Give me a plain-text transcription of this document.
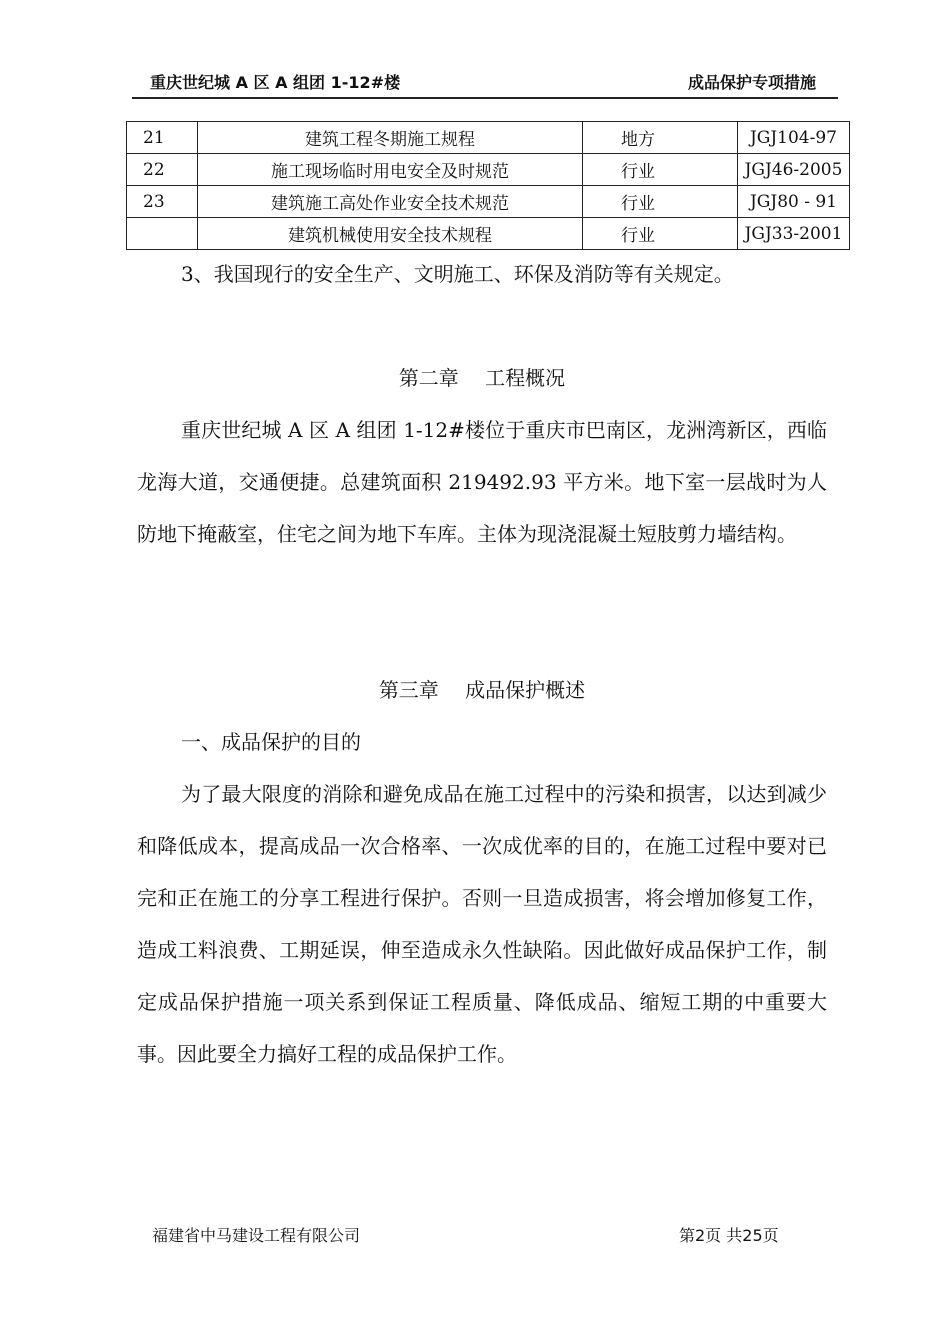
重庆世纪城 A 区 A 组团 1-12#楼	成品保护专项措施
21	建筑工程冬期施工规程	地方	JGJ104-97
22	施工现场临时用电安全及时规范	行业	JGJ46-2005
23	建筑施工高处作业安全技术规范	行业	JGJ80 - 91
	建筑机械使用安全技术规程	行业	JGJ33-2001

3、我国现行的安全生产、文明施工、环保及消防等有关规定。

第二章　 工程概况

重庆世纪城 A 区 A 组团 1-12#楼位于重庆市巴南区，龙洲湾新区，西临龙海大道，交通便捷。总建筑面积 219492.93 平方米。地下室一层战时为人防地下掩蔽室，住宅之间为地下车库。主体为现浇混凝土短肢剪力墙结构。

第三章　 成品保护概述

一、成品保护的目的

为了最大限度的消除和避免成品在施工过程中的污染和损害，以达到减少和降低成本，提高成品一次合格率、一次成优率的目的，在施工过程中要对已完和正在施工的分享工程进行保护。否则一旦造成损害，将会增加修复工作，造成工料浪费、工期延误，伸至造成永久性缺陷。因此做好成品保护工作，制定成品保护措施一项关系到保证工程质量、降低成品、缩短工期的中重要大事。因此要全力搞好工程的成品保护工作。

福建省中马建设工程有限公司	第2页 共25页
